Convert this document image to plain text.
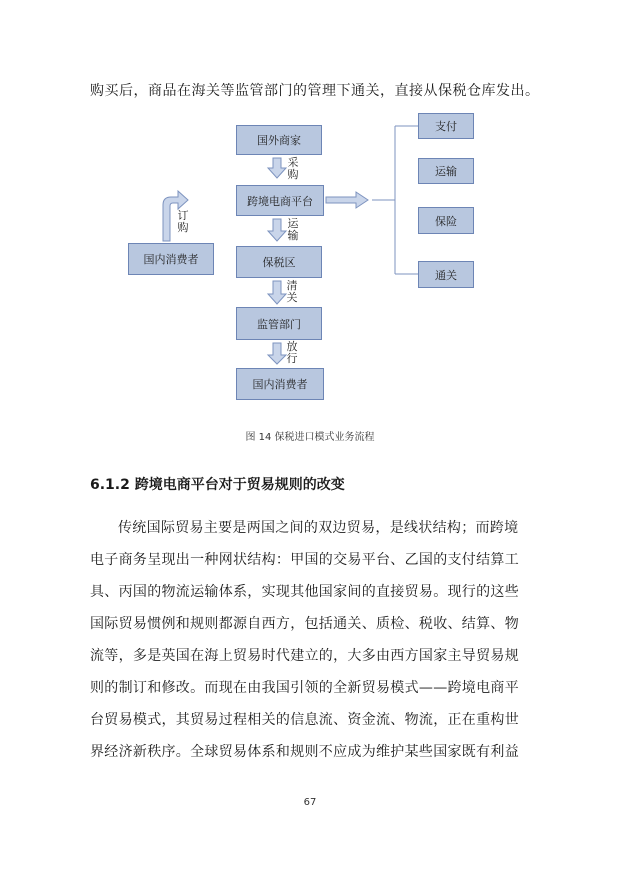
购买后，商品在海关等监管部门的管理下通关，直接从保税仓库发出。
国外商家
跨境电商平台
保税区
监管部门
国内消费者
国内消费者
支付
运输
保险
通关
采
购
运
输
清
关
放
行
订
购
图 14 保税进口模式业务流程
6.1.2 跨境电商平台对于贸易规则的改变
传统国际贸易主要是两国之间的双边贸易，是线状结构；而跨境
电子商务呈现出一种网状结构：甲国的交易平台、乙国的支付结算工
具、丙国的物流运输体系，实现其他国家间的直接贸易。现行的这些
国际贸易惯例和规则都源自西方，包括通关、质检、税收、结算、物
流等，多是英国在海上贸易时代建立的，大多由西方国家主导贸易规
则的制订和修改。而现在由我国引领的全新贸易模式——跨境电商平
台贸易模式，其贸易过程相关的信息流、资金流、物流，正在重构世
界经济新秩序。全球贸易体系和规则不应成为维护某些国家既有利益
67
